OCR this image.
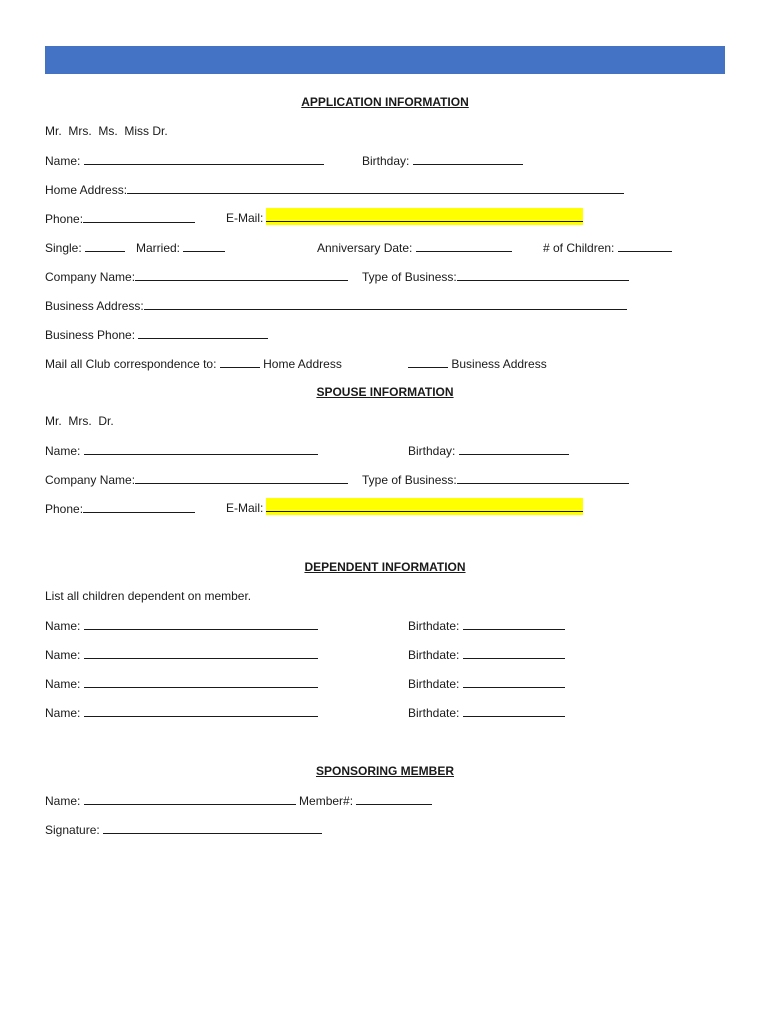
APPLICATION INFORMATION
Mr.  Mrs.  Ms.  Miss Dr.
Name:	Birthday:
Home Address:
Phone:	E-Mail:
Single:	Married:	Anniversary Date:	# of Children:
Company Name:	Type of Business:
Business Address:
Business Phone:
Mail all Club correspondence to:	Home Address	Business Address
SPOUSE INFORMATION
Mr.  Mrs.  Dr.
Name:	Birthday:
Company Name:	Type of Business:
Phone:	E-Mail:
DEPENDENT INFORMATION
List all children dependent on member.
Name:	Birthdate:
Name:	Birthdate:
Name:	Birthdate:
Name:	Birthdate:
SPONSORING MEMBER
Name:	Member#:
Signature:
